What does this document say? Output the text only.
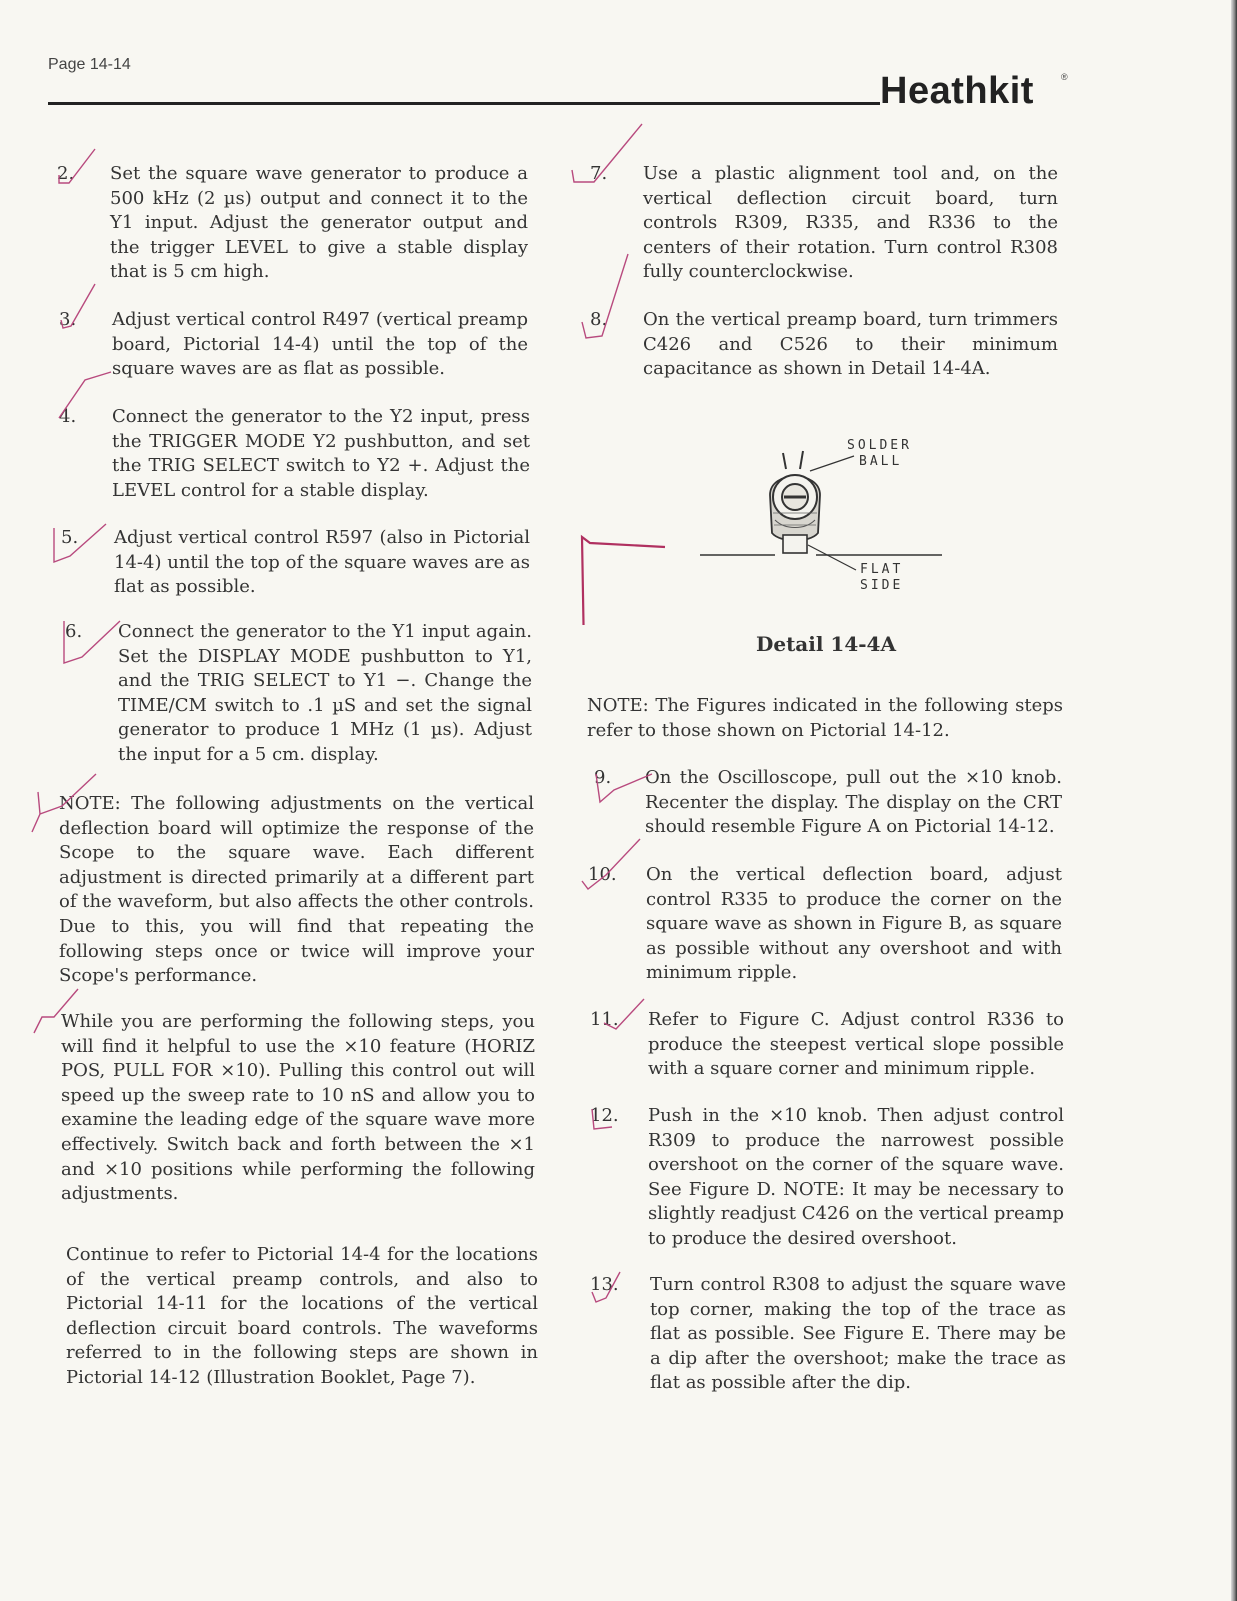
Page 14-14
Heathkit	®
2.	Set the square wave generator to produce a 500 kHz (2 µs) output and connect it to the Y1 input. Adjust the generator output and the trigger LEVEL to give a stable display that is 5 cm high.
3.	Adjust vertical control R497 (vertical preamp board, Pictorial 14-4) until the top of the square waves are as flat as possible.
4.	Connect the generator to the Y2 input, press the TRIGGER MODE Y2 pushbutton, and set the TRIG SELECT switch to Y2 +. Adjust the LEVEL control for a stable display.
5.	Adjust vertical control R597 (also in Pictorial 14-4) until the top of the square waves are as flat as possible.
6.	Connect the generator to the Y1 input again. Set the DISPLAY MODE pushbutton to Y1, and the TRIG SELECT to Y1 −. Change the TIME/CM switch to .1 µS and set the signal generator to produce 1 MHz (1 µs). Adjust the input for a 5 cm. display.
NOTE: The following adjustments on the vertical deflection board will optimize the response of the Scope to the square wave. Each different adjustment is directed primarily at a different part of the waveform, but also affects the other controls. Due to this, you will find that repeating the following steps once or twice will improve your Scope's performance.
While you are performing the following steps, you will find it helpful to use the ×10 feature (HORIZ POS, PULL FOR ×10). Pulling this control out will speed up the sweep rate to 10 nS and allow you to examine the leading edge of the square wave more effectively. Switch back and forth between the ×1 and ×10 positions while performing the following adjustments.
Continue to refer to Pictorial 14-4 for the locations of the vertical preamp controls, and also to Pictorial 14-11 for the locations of the vertical deflection circuit board controls. The waveforms referred to in the following steps are shown in Pictorial 14-12 (Illustration Booklet, Page 7).
7.	Use a plastic alignment tool and, on the vertical deflection circuit board, turn controls R309, R335, and R336 to the centers of their rotation. Turn control R308 fully counterclockwise.
8.	On the vertical preamp board, turn trimmers C426 and C526 to their minimum capacitance as shown in Detail 14-4A.
SOLDER
BALL
FLAT
SIDE
Detail 14-4A
NOTE: The Figures indicated in the following steps refer to those shown on Pictorial 14-12.
9.	On the Oscilloscope, pull out the ×10 knob. Recenter the display. The display on the CRT should resemble Figure A on Pictorial 14-12.
10.	On the vertical deflection board, adjust control R335 to produce the corner on the square wave as shown in Figure B, as square as possible without any overshoot and with minimum ripple.
11.	Refer to Figure C. Adjust control R336 to produce the steepest vertical slope possible with a square corner and minimum ripple.
12.	Push in the ×10 knob. Then adjust control R309 to produce the narrowest possible overshoot on the corner of the square wave. See Figure D. NOTE: It may be necessary to slightly readjust C426 on the vertical preamp to produce the desired overshoot.
13.	Turn control R308 to adjust the square wave top corner, making the top of the trace as flat as possible. See Figure E. There may be a dip after the overshoot; make the trace as flat as possible after the dip.
